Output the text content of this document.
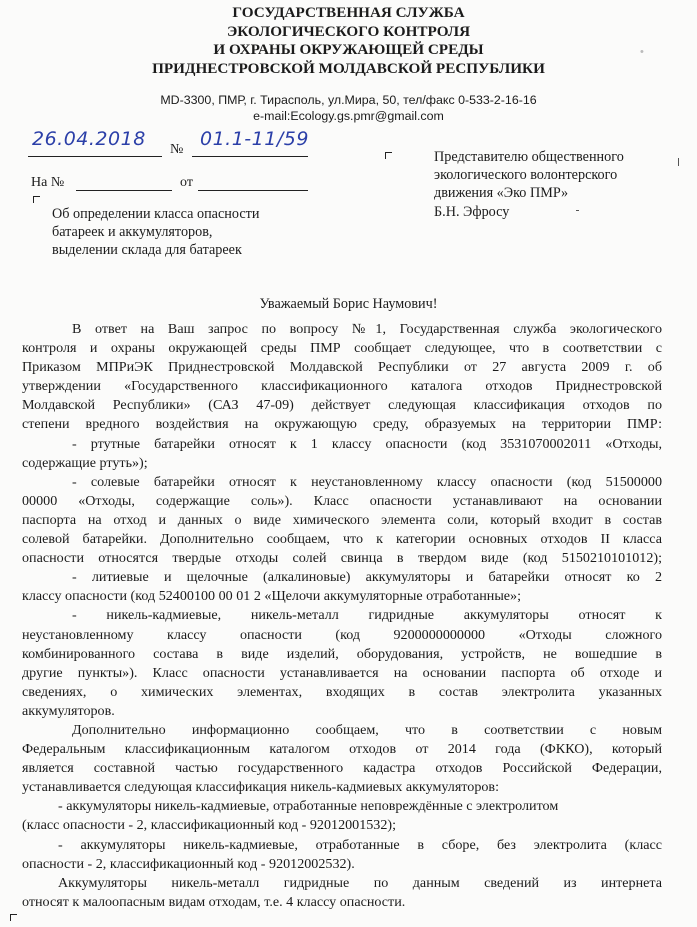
•
ГОСУДАРСТВЕННАЯ СЛУЖБА
ЭКОЛОГИЧЕСКОГО КОНТРОЛЯ
И ОХРАНЫ ОКРУЖАЮЩЕЙ СРЕДЫ
ПРИДНЕСТРОВСКОЙ МОЛДАВСКОЙ РЕСПУБЛИКИ
MD-3300, ПМР, г. Тирасполь, ул.Мира, 50, тел/факс 0-533-2-16-16
e-mail:Ecology.gs.pmr@gmail.com
26.04.2018 № 01.1-11/59
На №	от
Представителю общественного
экологического волонтерского
движения «Эко ПМР»
Б.Н. Эфросу
Об определении класса опасности
батареек и аккумуляторов,
выделении склада для батареек
Уважаемый Борис Наумович!
В ответ на Ваш запрос по вопросу №1, Государственная служба экологического
контроля и охраны окружающей среды ПМР сообщает следующее, что в соответствии с
Приказом МПРиЭК Приднестровской Молдавской Республики от 27 августа 2009 г. об
утверждении «Государственного классификационного каталога отходов Приднестровской
Молдавской Республики» (САЗ 47-09) действует следующая классификация отходов по
степени вредного воздействия на окружающую среду, образуемых на территории ПМР:
- ртутные батарейки относят к 1 классу опасности (код 3531070002011 «Отходы,
содержащие ртуть»);
- солевые батарейки относят к неустановленному классу опасности (код 51500000
00000 «Отходы, содержащие соль»). Класс опасности устанавливают на основании
паспорта на отход и данных о виде химического элемента соли, который входит в состав
солевой батарейки. Дополнительно сообщаем, что к категории основных отходов II класса
опасности относятся твердые отходы солей свинца в твердом виде (код 5150210101012);
- литиевые и щелочные (алкалиновые) аккумуляторы и батарейки относят ко 2
классу опасности (код 52400100 00 01 2 «Щелочи аккумуляторные отработанные»;
- никель-кадмиевые, никель-металл гидридные аккумуляторы относят к
неустановленному классу опасности (код 9200000000000 «Отходы сложного
комбинированного состава в виде изделий, оборудования, устройств, не вошедшие в
другие пункты»). Класс опасности устанавливается на основании паспорта об отходе и
сведениях, о химических элементах, входящих в состав электролита указанных
аккумуляторов.
Дополнительно информационно сообщаем, что в соответствии с новым
Федеральным классификационным каталогом отходов от 2014 года (ФККО), который
является составной частью государственного кадастра отходов Российской Федерации,
устанавливается следующая классификация никель-кадмиевых аккумуляторов:
- аккумуляторы никель-кадмиевые, отработанные неповреждённые с электролитом
(класс опасности - 2, классификационный код - 92012001532);
- аккумуляторы никель-кадмиевые, отработанные в сборе, без электролита (класс
опасности - 2, классификационный код - 92012002532).
Аккумуляторы никель-металл гидридные по данным сведений из интернета
относят к малоопасным видам отходам, т.е. 4 классу опасности.
